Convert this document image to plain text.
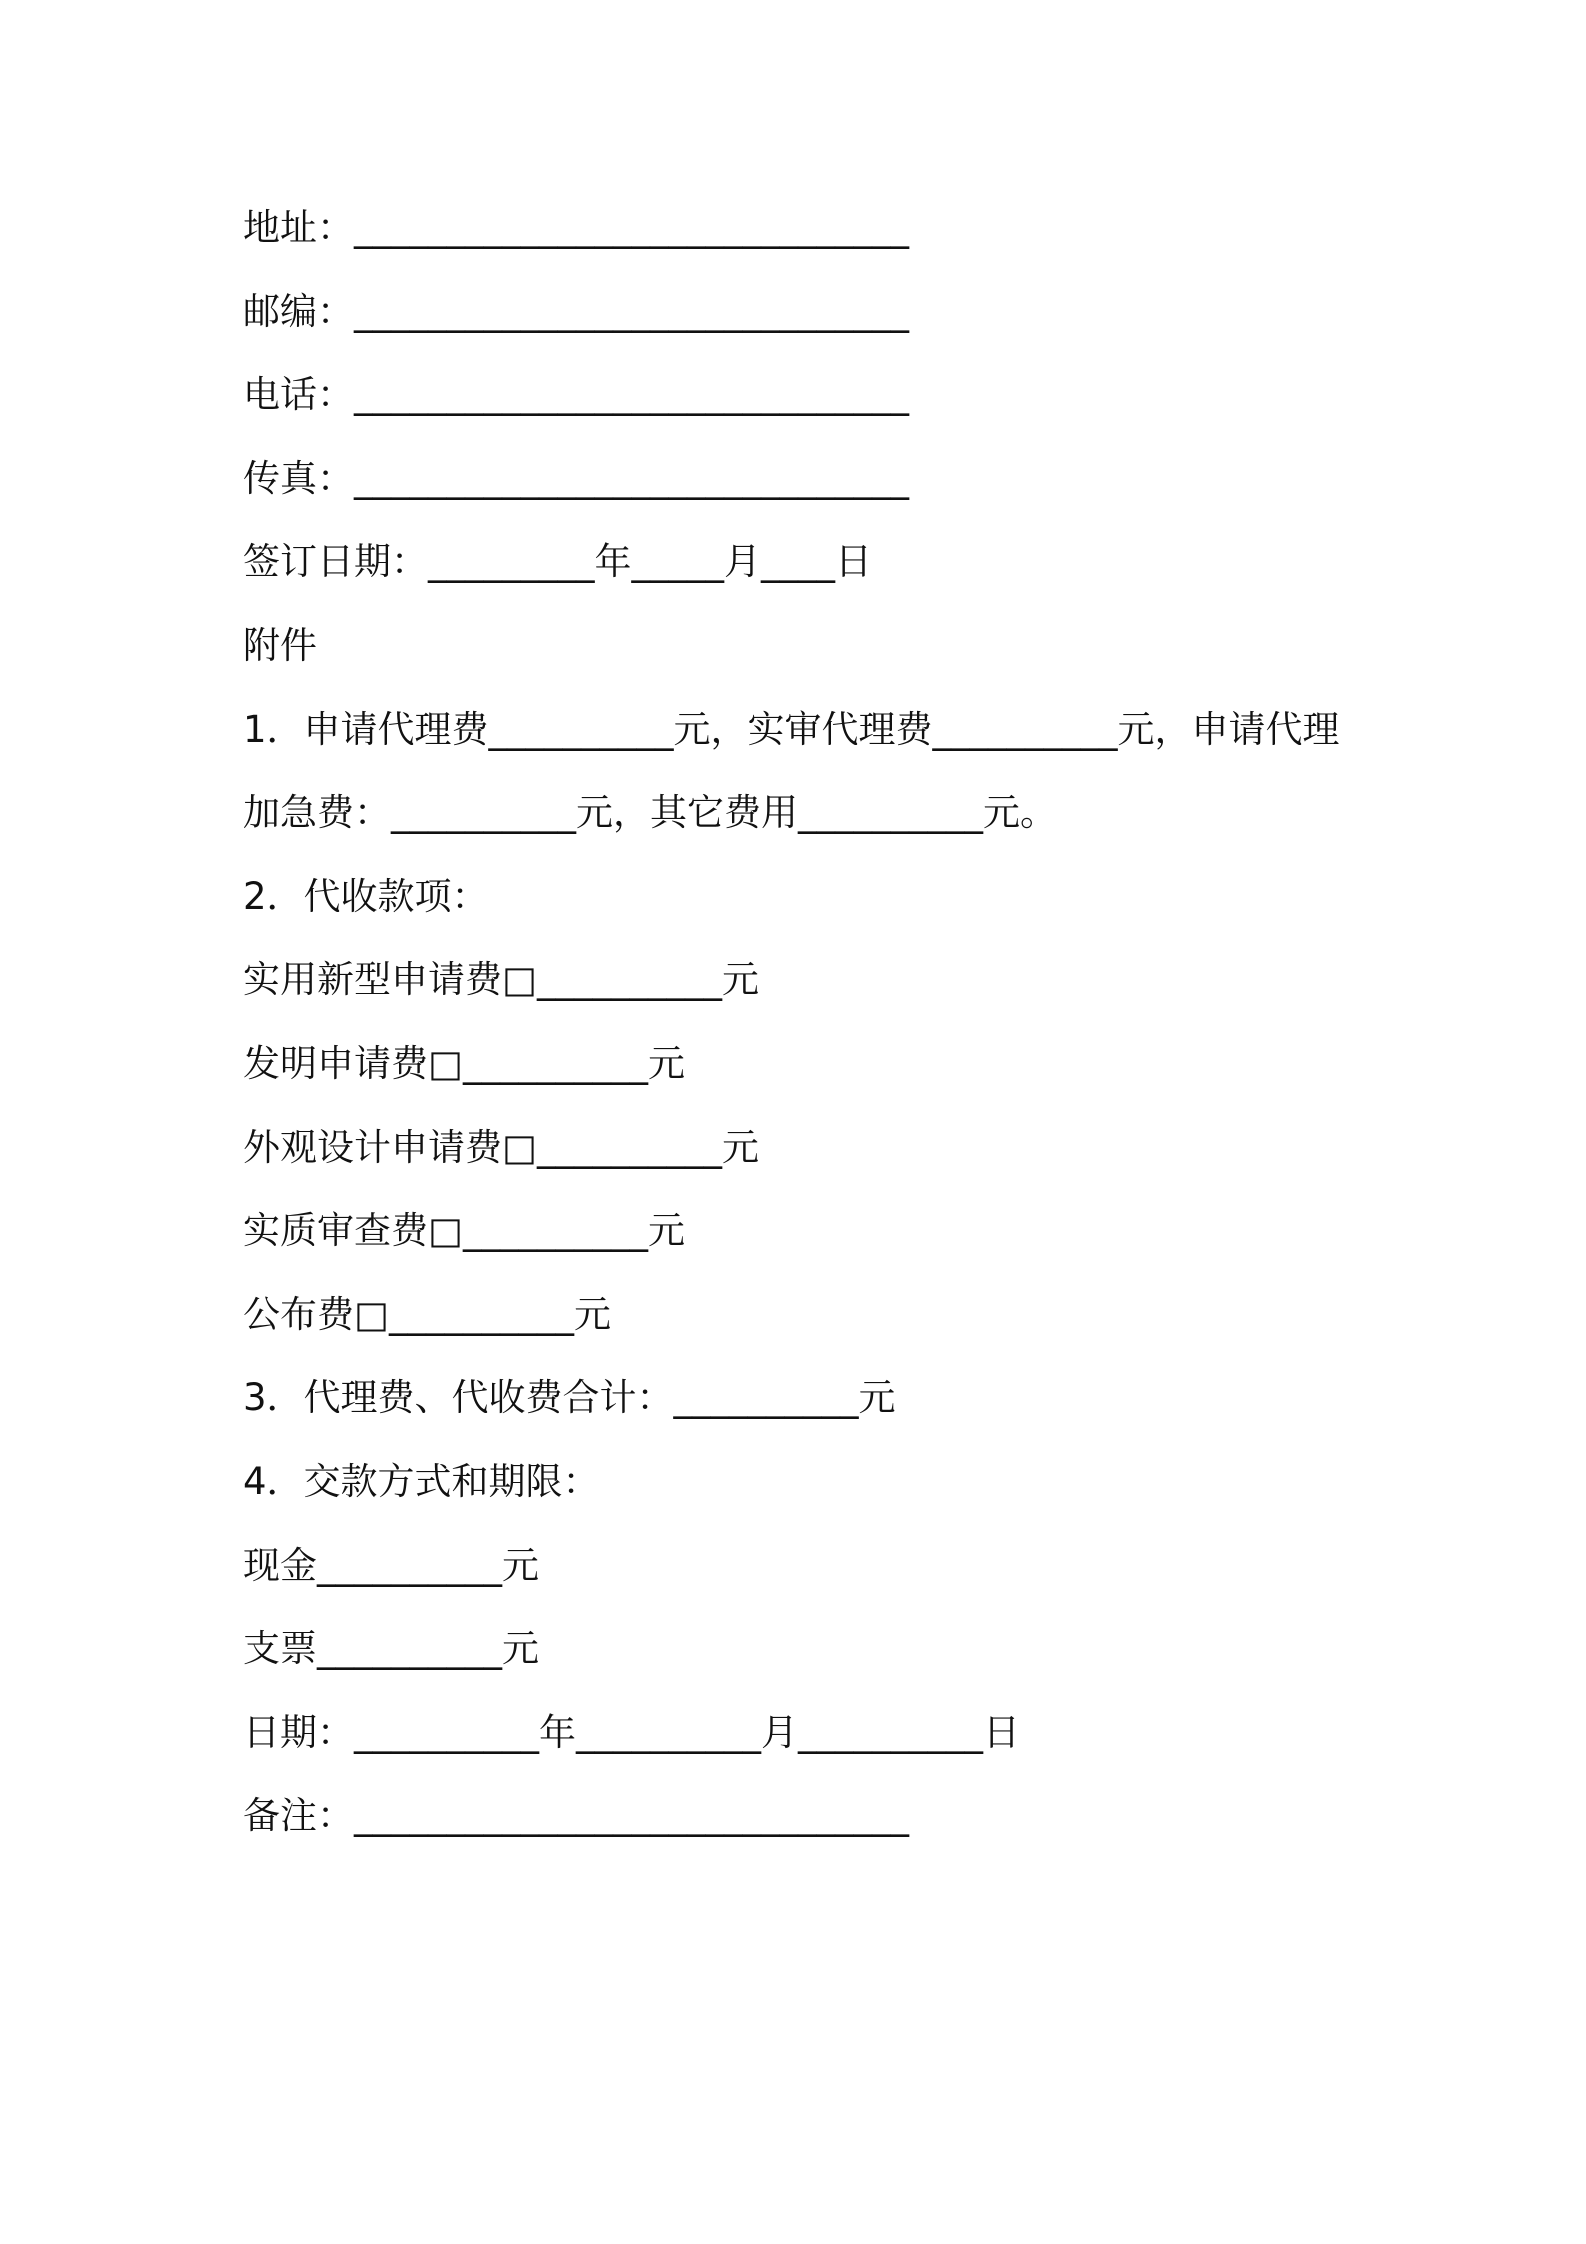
地址：______________________________
邮编：______________________________
电话：______________________________
传真：______________________________
签订日期：_________年_____月____日
附件
1．申请代理费__________元，实审代理费__________元，申请代理
加急费：__________元，其它费用__________元。
2．代收款项：
实用新型申请费□__________元
发明申请费□__________元
外观设计申请费□__________元
实质审查费□__________元
公布费□__________元
3．代理费、代收费合计：__________元
4．交款方式和期限：
现金__________元
支票__________元
日期：__________年__________月__________日
备注：______________________________
